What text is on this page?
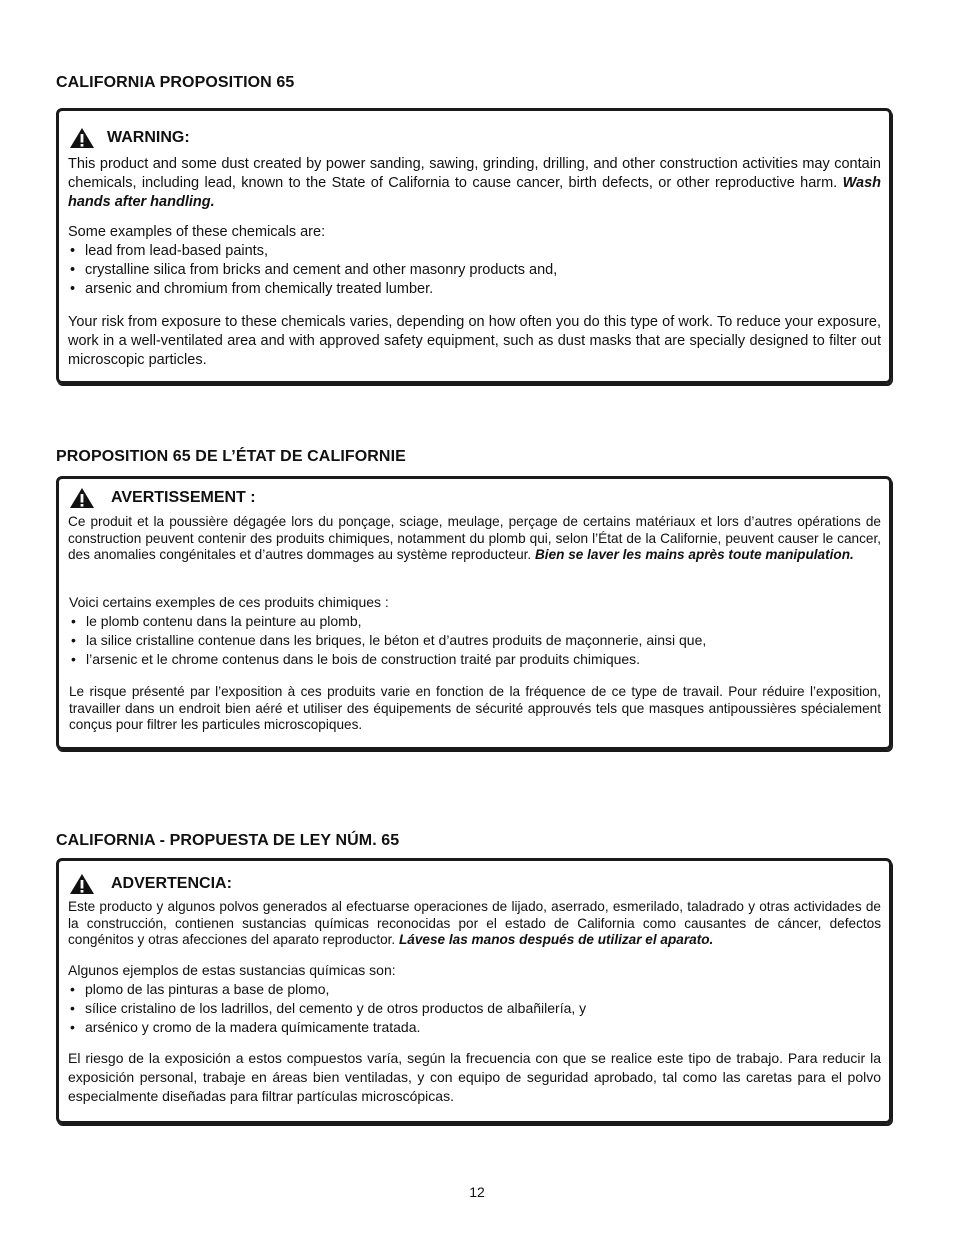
CALIFORNIA PROPOSITION 65
WARNING:

This product and some dust created by power sanding, sawing, grinding, drilling, and other construction activities may contain chemicals, including lead, known to the State of California to cause cancer, birth defects, or other reproductive harm. Wash hands after handling.

Some examples of these chemicals are:
• lead from lead-based paints,
• crystalline silica from bricks and cement and other masonry products and,
• arsenic and chromium from chemically treated lumber.

Your risk from exposure to these chemicals varies, depending on how often you do this type of work. To reduce your exposure, work in a well-ventilated area and with approved safety equipment, such as dust masks that are specially designed to filter out microscopic particles.

PROPOSITION 65 DE L’ÉTAT DE CALIFORNIE
AVERTISSEMENT :

Ce produit et la poussière dégagée lors du ponçage, sciage, meulage, perçage de certains matériaux et lors d’autres opérations de construction peuvent contenir des produits chimiques, notamment du plomb qui, selon l’État de la Californie, peuvent causer le cancer, des anomalies congénitales et d’autres dommages au système reproducteur. Bien se laver les mains après toute manipulation.

Voici certains exemples de ces produits chimiques :
• le plomb contenu dans la peinture au plomb,
• la silice cristalline contenue dans les briques, le béton et d’autres produits de maçonnerie, ainsi que,
• l’arsenic et le chrome contenus dans le bois de construction traité par produits chimiques.

Le risque présenté par l’exposition à ces produits varie en fonction de la fréquence de ce type de travail. Pour réduire l’exposition, travailler dans un endroit bien aéré et utiliser des équipements de sécurité approuvés tels que masques antipoussières spécialement conçus pour filtrer les particules microscopiques.

CALIFORNIA - PROPUESTA DE LEY NÚM. 65
ADVERTENCIA:

Este producto y algunos polvos generados al efectuarse operaciones de lijado, aserrado, esmerilado, taladrado y otras actividades de la construcción, contienen sustancias químicas reconocidas por el estado de California como causantes de cáncer, defectos congénitos y otras afecciones del aparato reproductor. Lávese las manos después de utilizar el aparato.

Algunos ejemplos de estas sustancias químicas son:
• plomo de las pinturas a base de plomo,
• sílice cristalino de los ladrillos, del cemento y de otros productos de albañilería, y
• arsénico y cromo de la madera químicamente tratada.

El riesgo de la exposición a estos compuestos varía, según la frecuencia con que se realice este tipo de trabajo. Para reducir la exposición personal, trabaje en áreas bien ventiladas, y con equipo de seguridad aprobado, tal como las caretas para el polvo especialmente diseñadas para filtrar partículas microscópicas.

12
